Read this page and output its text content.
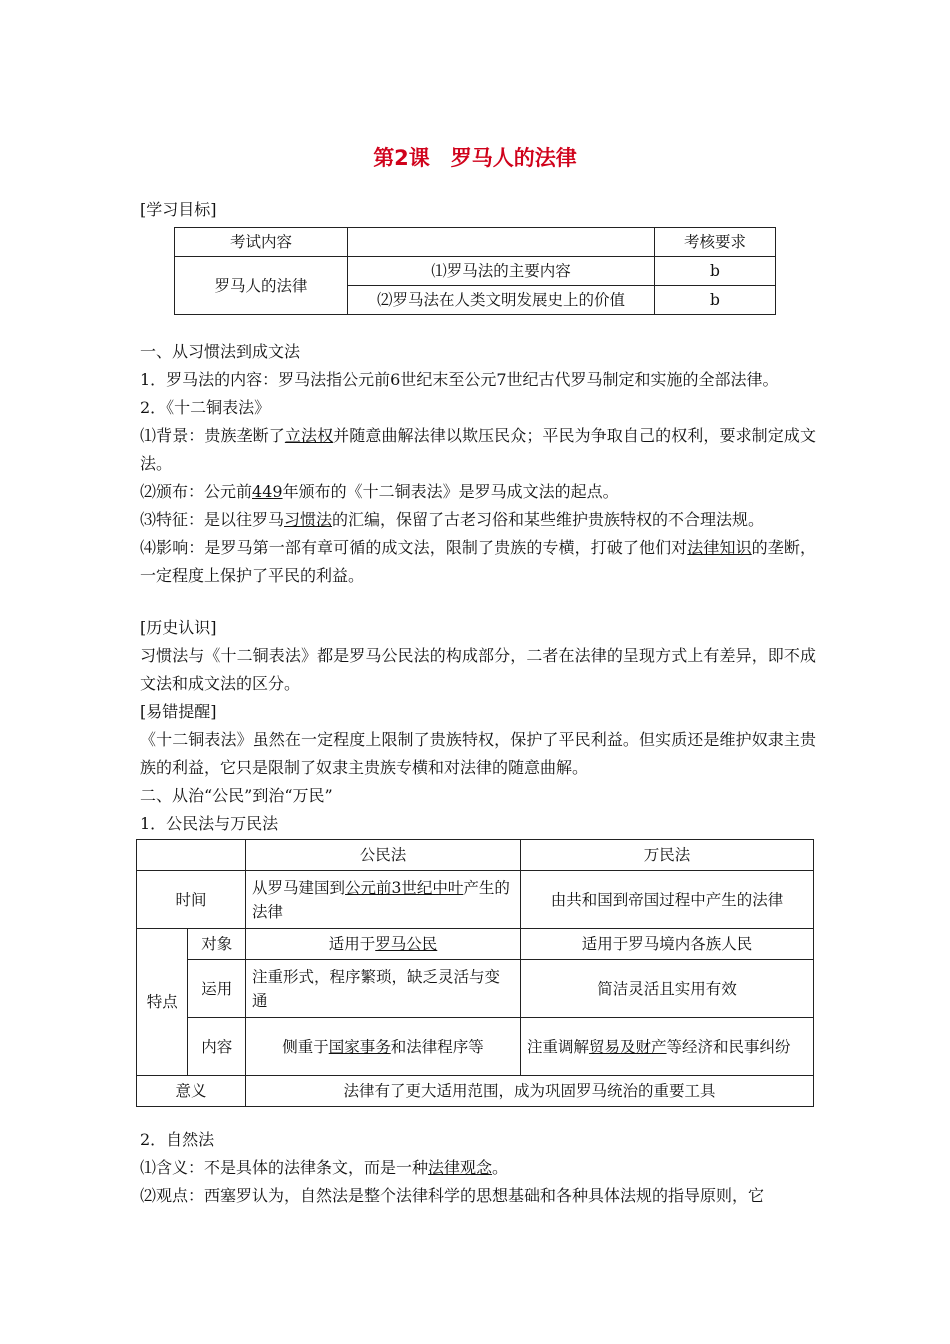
第2课　罗马人的法律
[学习目标]
考试内容		考核要求
罗马人的法律	⑴罗马法的主要内容	b
	⑵罗马法在人类文明发展史上的价值	b
一、从习惯法到成文法
1．罗马法的内容：罗马法指公元前6世纪末至公元7世纪古代罗马制定和实施的全部法律。
2．《十二铜表法》
⑴背景：贵族垄断了立法权并随意曲解法律以欺压民众；平民为争取自己的权利，要求制定成文法。
⑵颁布：公元前449年颁布的《十二铜表法》是罗马成文法的起点。
⑶特征：是以往罗马习惯法的汇编，保留了古老习俗和某些维护贵族特权的不合理法规。
⑷影响：是罗马第一部有章可循的成文法，限制了贵族的专横，打破了他们对法律知识的垄断，一定程度上保护了平民的利益。
[历史认识]
习惯法与《十二铜表法》都是罗马公民法的构成部分，二者在法律的呈现方式上有差异，即不成文法和成文法的区分。
[易错提醒]
《十二铜表法》虽然在一定程度上限制了贵族特权，保护了平民利益。但实质还是维护奴隶主贵族的利益，它只是限制了奴隶主贵族专横和对法律的随意曲解。
二、从治“公民”到治“万民”
1．公民法与万民法
		公民法	万民法
时间		从罗马建国到公元前3世纪中叶产生的法律	由共和国到帝国过程中产生的法律
特点	对象	适用于罗马公民	适用于罗马境内各族人民
	运用	注重形式，程序繁琐，缺乏灵活与变通	简洁灵活且实用有效
	内容	侧重于国家事务和法律程序等	注重调解贸易及财产等经济和民事纠纷
意义		法律有了更大适用范围，成为巩固罗马统治的重要工具	
2．自然法
⑴含义：不是具体的法律条文，而是一种法律观念。
⑵观点：西塞罗认为，自然法是整个法律科学的思想基础和各种具体法规的指导原则，它
